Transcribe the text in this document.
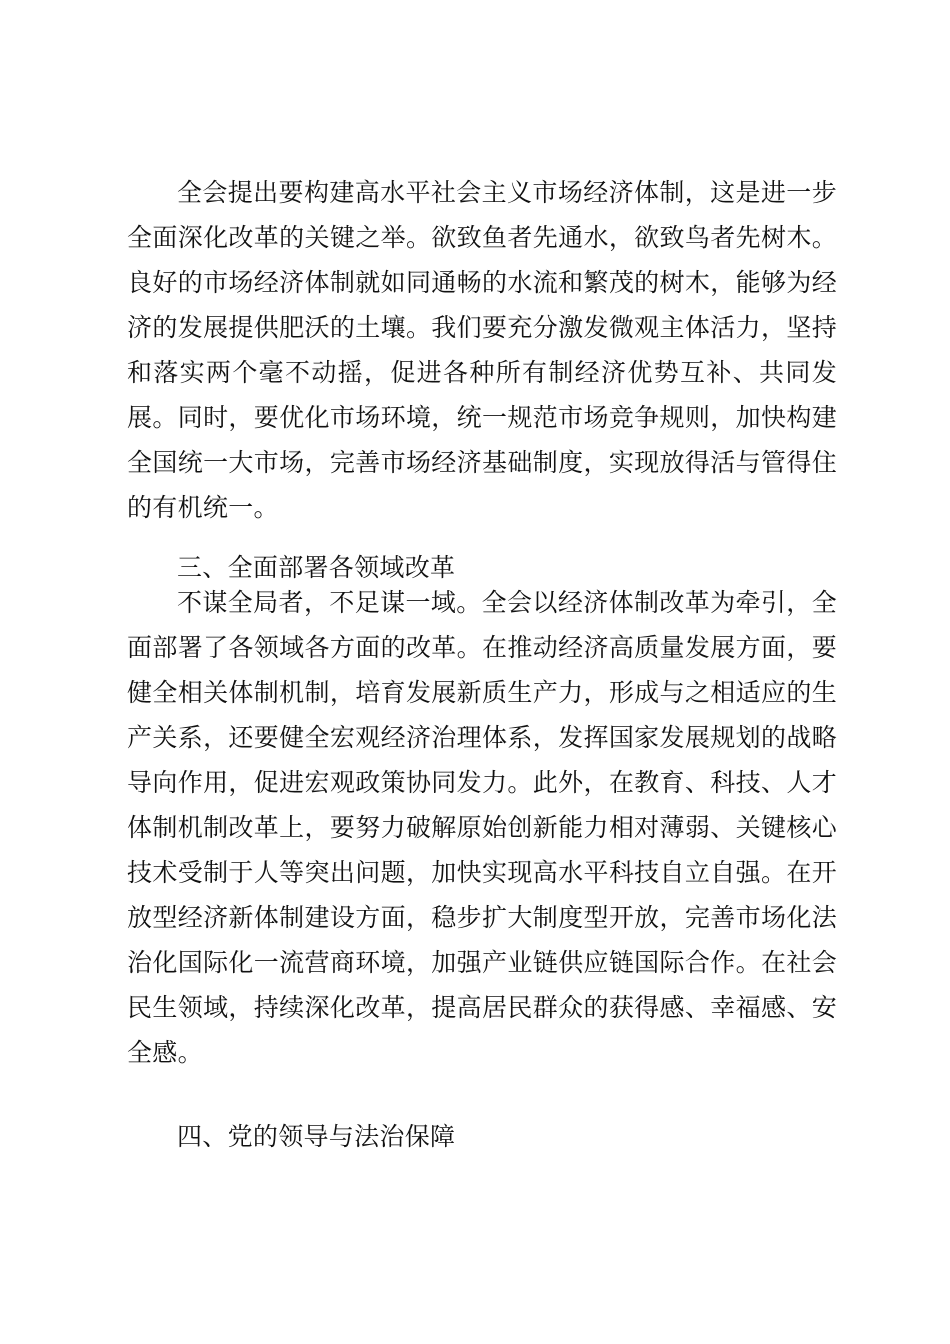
全会提出要构建高水平社会主义市场经济体制，这是进一步全面深化改革的关键之举。欲致鱼者先通水，欲致鸟者先树木。良好的市场经济体制就如同通畅的水流和繁茂的树木，能够为经济的发展提供肥沃的土壤。我们要充分激发微观主体活力，坚持和落实两个毫不动摇，促进各种所有制经济优势互补、共同发展。同时，要优化市场环境，统一规范市场竞争规则，加快构建全国统一大市场，完善市场经济基础制度，实现放得活与管得住的有机统一。

三、全面部署各领域改革

不谋全局者，不足谋一域。全会以经济体制改革为牵引，全面部署了各领域各方面的改革。在推动经济高质量发展方面，要健全相关体制机制，培育发展新质生产力，形成与之相适应的生产关系，还要健全宏观经济治理体系，发挥国家发展规划的战略导向作用，促进宏观政策协同发力。此外，在教育、科技、人才体制机制改革上，要努力破解原始创新能力相对薄弱、关键核心技术受制于人等突出问题，加快实现高水平科技自立自强。在开放型经济新体制建设方面，稳步扩大制度型开放，完善市场化法治化国际化一流营商环境，加强产业链供应链国际合作。在社会民生领域，持续深化改革，提高居民群众的获得感、幸福感、安全感。

四、党的领导与法治保障
